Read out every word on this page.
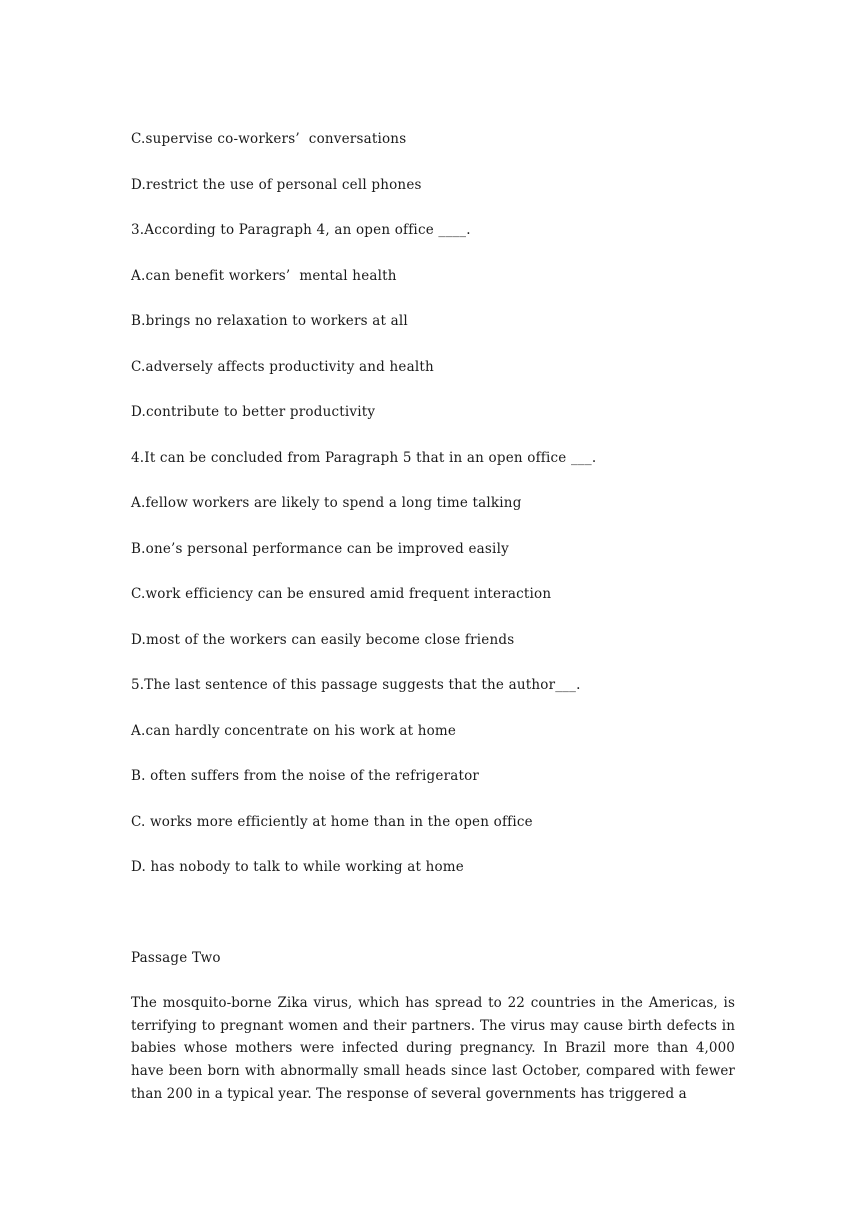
C.supervise co-workers’  conversations
D.restrict the use of personal cell phones
3.According to Paragraph 4, an open office ____.
A.can benefit workers’  mental health
B.brings no relaxation to workers at all
C.adversely affects productivity and health
D.contribute to better productivity
4.It can be concluded from Paragraph 5 that in an open office ___.
A.fellow workers are likely to spend a long time talking
B.one’s personal performance can be improved easily
C.work efficiency can be ensured amid frequent interaction
D.most of the workers can easily become close friends
5.The last sentence of this passage suggests that the author___.
A.can hardly concentrate on his work at home
B. often suffers from the noise of the refrigerator
C. works more efficiently at home than in the open office
D. has nobody to talk to while working at home
Passage Two
The mosquito-borne Zika virus, which has spread to 22 countries in the Americas, is terrifying to pregnant women and their partners. The virus may cause birth defects in babies whose mothers were infected during pregnancy. In Brazil more than 4,000 have been born with abnormally small heads since last October, compared with fewer than 200 in a typical year. The response of several governments has triggered a
